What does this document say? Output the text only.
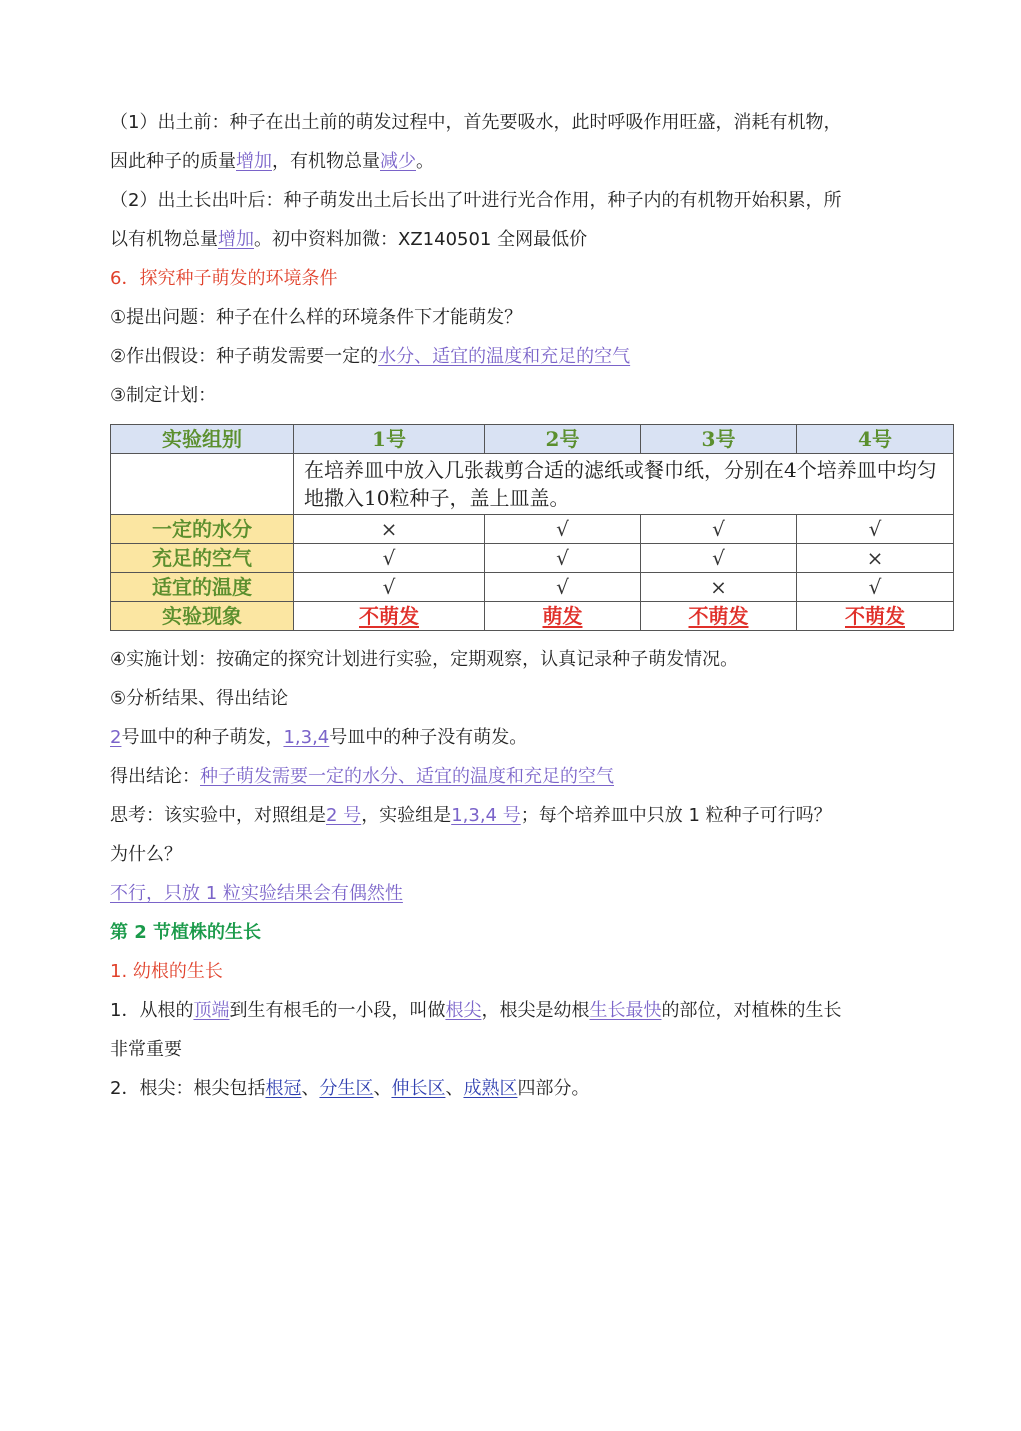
（1）出土前：种子在出土前的萌发过程中，首先要吸水，此时呼吸作用旺盛，消耗有机物，
因此种子的质量增加，有机物总量减少。
（2）出土长出叶后：种子萌发出土后长出了叶进行光合作用，种子内的有机物开始积累，所
以有机物总量增加。初中资料加微：XZ140501 全网最低价
6．探究种子萌发的环境条件
①提出问题：种子在什么样的环境条件下才能萌发？
②作出假设：种子萌发需要一定的水分、适宜的温度和充足的空气
③制定计划：
实验组别	1号	2号	3号	4号
	在培养皿中放入几张裁剪合适的滤纸或餐巾纸，分别在4个培养皿中均匀地撒入10粒种子，盖上皿盖。			
一定的水分	×	√	√	√
充足的空气	√	√	√	×
适宜的温度	√	√	×	√
实验现象	不萌发	萌发	不萌发	不萌发
④实施计划：按确定的探究计划进行实验，定期观察，认真记录种子萌发情况。
⑤分析结果、得出结论
2号皿中的种子萌发，1,3,4号皿中的种子没有萌发。
得出结论：种子萌发需要一定的水分、适宜的温度和充足的空气
思考：该实验中，对照组是2 号，实验组是1,3,4 号；每个培养皿中只放 1 粒种子可行吗？
为什么？
不行，只放 1 粒实验结果会有偶然性
第 2 节植株的生长
1. 幼根的生长
1．从根的顶端到生有根毛的一小段，叫做根尖，根尖是幼根生长最快的部位，对植株的生长
非常重要
2．根尖：根尖包括根冠、分生区、伸长区、成熟区四部分。
